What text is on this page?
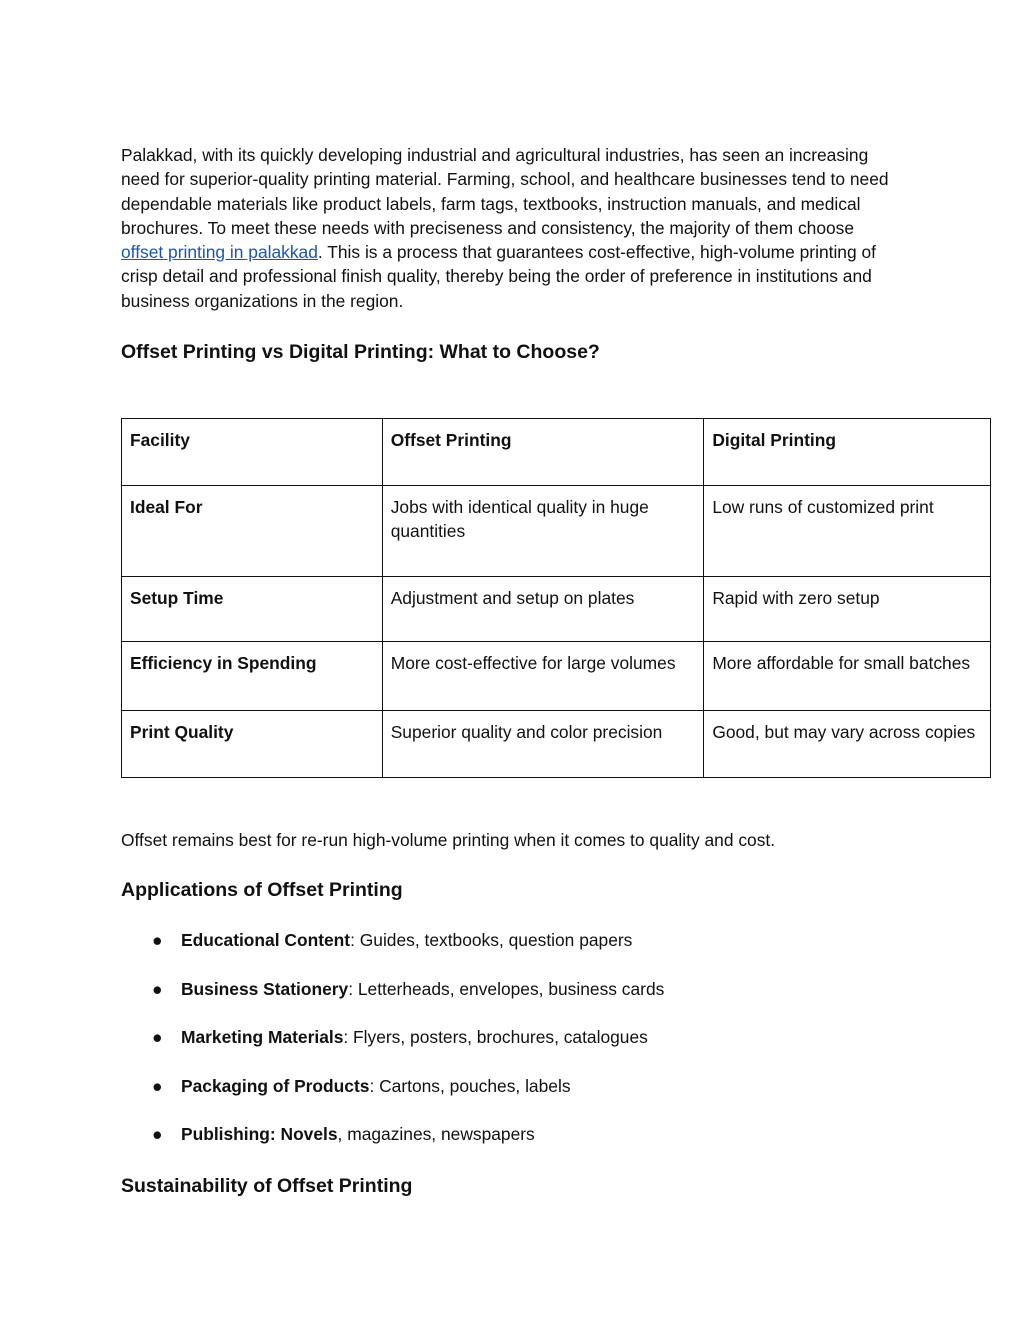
Palakkad, with its quickly developing industrial and agricultural industries, has seen an increasing need for superior-quality printing material. Farming, school, and healthcare businesses tend to need dependable materials like product labels, farm tags, textbooks, instruction manuals, and medical brochures. To meet these needs with preciseness and consistency, the majority of them choose offset printing in palakkad. This is a process that guarantees cost-effective, high-volume printing of crisp detail and professional finish quality, thereby being the order of preference in institutions and business organizations in the region.

Offset Printing vs Digital Printing: What to Choose?
Facility	Offset Printing	Digital Printing
Ideal For	Jobs with identical quality in huge quantities	Low runs of customized print
Setup Time	Adjustment and setup on plates	Rapid with zero setup
Efficiency in Spending	More cost-effective for large volumes	More affordable for small batches
Print Quality	Superior quality and color precision	Good, but may vary across copies

Offset remains best for re-run high-volume printing when it comes to quality and cost.

Applications of Offset Printing
● Educational Content: Guides, textbooks, question papers
● Business Stationery: Letterheads, envelopes, business cards
● Marketing Materials: Flyers, posters, brochures, catalogues
● Packaging of Products: Cartons, pouches, labels
● Publishing: Novels, magazines, newspapers
Sustainability of Offset Printing
